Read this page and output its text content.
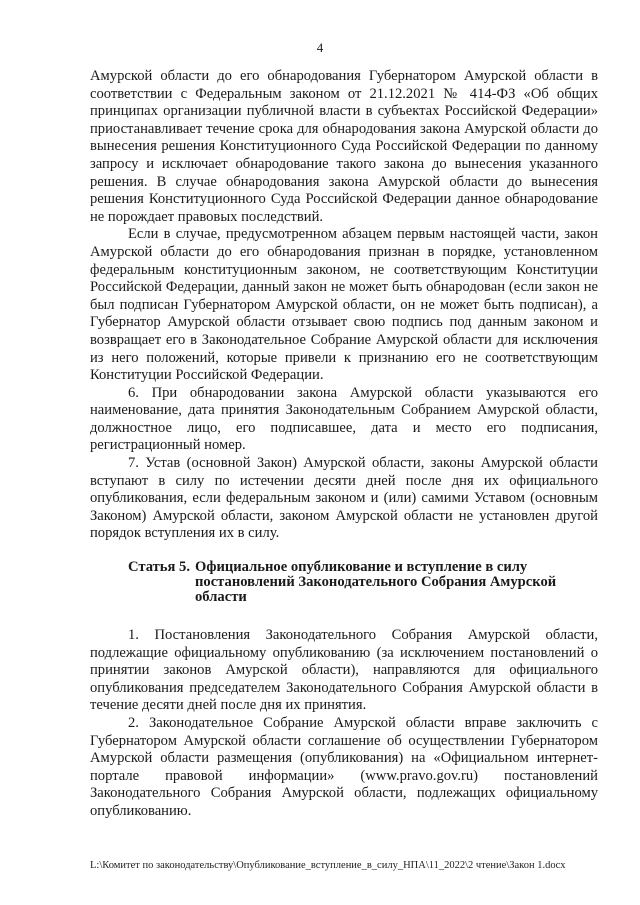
4

Амурской области до его обнародования Губернатором Амурской области в соответствии с Федеральным законом от 21.12.2021 № 414-ФЗ «Об общих принципах организации публичной власти в субъектах Российской Федерации» приостанавливает течение срока для обнародования закона Амурской области до вынесения решения Конституционного Суда Российской Федерации по данному запросу и исключает обнародование такого закона до вынесения указанного решения. В случае обнародования закона Амурской области до вынесения решения Конституционного Суда Российской Федерации данное обнародование не порождает правовых последствий.

Если в случае, предусмотренном абзацем первым настоящей части, закон Амурской области до его обнародования признан в порядке, установленном федеральным конституционным законом, не соответствующим Конституции Российской Федерации, данный закон не может быть обнародован (если закон не был подписан Губернатором Амурской области, он не может быть подписан), а Губернатор Амурской области отзывает свою подпись под данным законом и возвращает его в Законодательное Собрание Амурской области для исключения из него положений, которые привели к признанию его не соответствующим Конституции Российской Федерации.

6. При обнародовании закона Амурской области указываются его наименование, дата принятия Законодательным Собранием Амурской области, должностное лицо, его подписавшее, дата и место его подписания, регистрационный номер.

7. Устав (основной Закон) Амурской области, законы Амурской области вступают в силу по истечении десяти дней после дня их официального опубликования, если федеральным законом и (или) самими Уставом (основным Законом) Амурской области, законом Амурской области не установлен другой порядок вступления их в силу.

Статья 5. Официальное опубликование и вступление в силу постановлений Законодательного Собрания Амурской области

1. Постановления Законодательного Собрания Амурской области, подлежащие официальному опубликованию (за исключением постановлений о принятии законов Амурской области), направляются для официального опубликования председателем Законодательного Собрания Амурской области в течение десяти дней после дня их принятия.

2. Законодательное Собрание Амурской области вправе заключить с Губернатором Амурской области соглашение об осуществлении Губернатором Амурской области размещения (опубликования) на «Официальном интернет-портале правовой информации» (www.pravo.gov.ru) постановлений Законодательного Собрания Амурской области, подлежащих официальному опубликованию.

L:\Комитет по законодательству\Опубликование_вступление_в_силу_НПА\11_2022\2 чтение\Закон 1.docx
